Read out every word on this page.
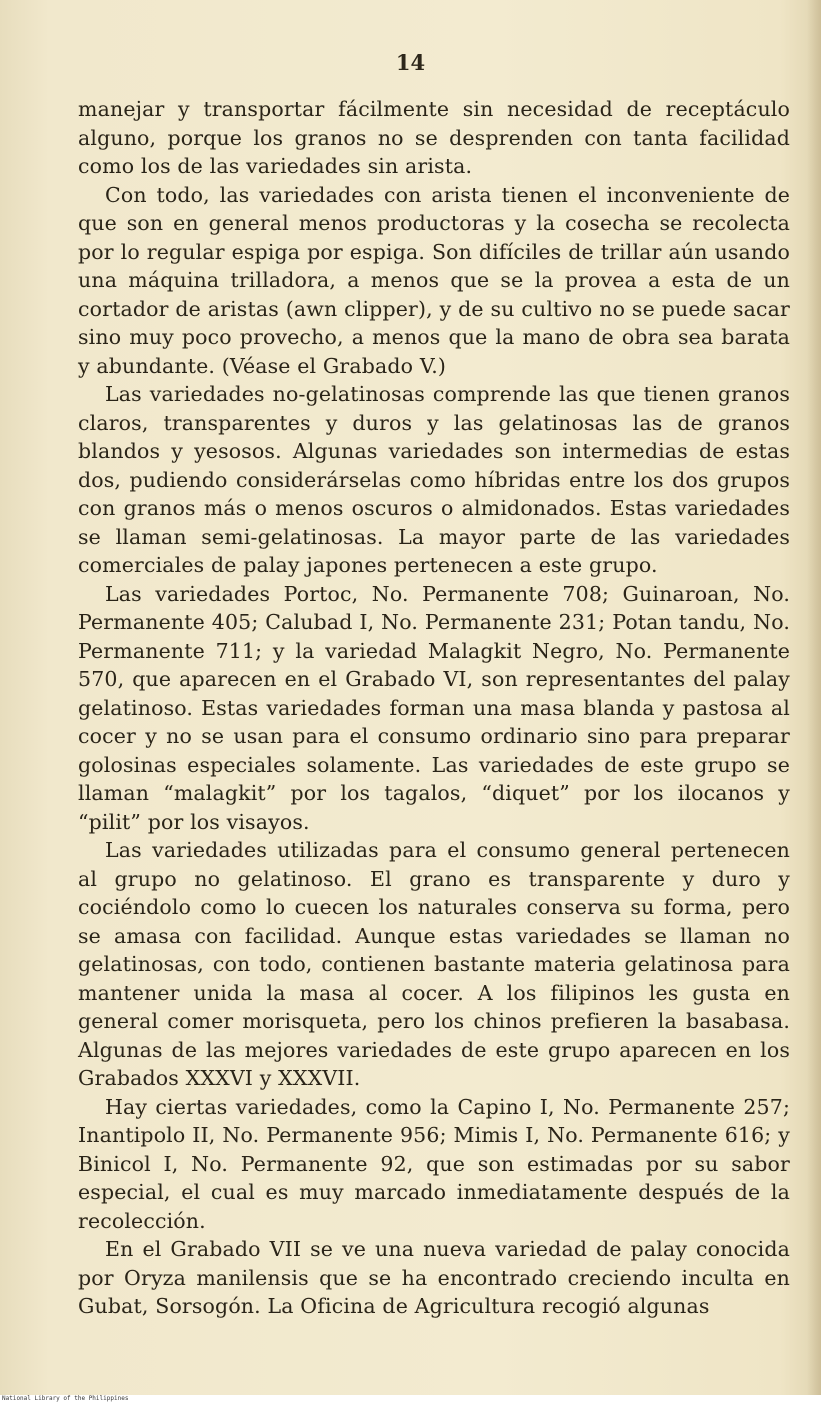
14

manejar y transportar fácilmente sin necesidad de receptáculo alguno, porque los granos no se desprenden con tanta facilidad como los de las variedades sin arista.

Con todo, las variedades con arista tienen el inconveniente de que son en general menos productoras y la cosecha se recolecta por lo regular espiga por espiga. Son difíciles de trillar aún usando una máquina trilladora, a menos que se la provea a esta de un cortador de aristas (awn clipper), y de su cultivo no se puede sacar sino muy poco provecho, a menos que la mano de obra sea barata y abundante. (Véase el Grabado V.)

Las variedades no-gelatinosas comprende las que tienen granos claros, transparentes y duros y las gelatinosas las de granos blandos y yesosos. Algunas variedades son intermedias de estas dos, pudiendo considerárselas como híbridas entre los dos grupos con granos más o menos oscuros o almidonados. Estas variedades se llaman semi-gelatinosas. La mayor parte de las variedades comerciales de palay japones pertenecen a este grupo.

Las variedades Portoc, No. Permanente 708; Guinaroan, No. Permanente 405; Calubad I, No. Permanente 231; Potan tandu, No. Permanente 711; y la variedad Malagkit Negro, No. Permanente 570, que aparecen en el Grabado VI, son representantes del palay gelatinoso. Estas variedades forman una masa blanda y pastosa al cocer y no se usan para el consumo ordinario sino para preparar golosinas especiales solamente. Las variedades de este grupo se llaman “malagkit” por los tagalos, “diquet” por los ilocanos y “pilit” por los visayos.

Las variedades utilizadas para el consumo general pertenecen al grupo no gelatinoso. El grano es transparente y duro y cociéndolo como lo cuecen los naturales conserva su forma, pero se amasa con facilidad. Aunque estas variedades se llaman no gelatinosas, con todo, contienen bastante materia gelatinosa para mantener unida la masa al cocer. A los filipinos les gusta en general comer morisqueta, pero los chinos prefieren la basabasa. Algunas de las mejores variedades de este grupo aparecen en los Grabados XXXVI y XXXVII.

Hay ciertas variedades, como la Capino I, No. Permanente 257; Inantipolo II, No. Permanente 956; Mimis I, No. Permanente 616; y Binicol I, No. Permanente 92, que son estimadas por su sabor especial, el cual es muy marcado inmediatamente después de la recolección.

En el Grabado VII se ve una nueva variedad de palay conocida por Oryza manilensis que se ha encontrado creciendo inculta en Gubat, Sorsogón. La Oficina de Agricultura recogió algunas

National Library of the Philippines
